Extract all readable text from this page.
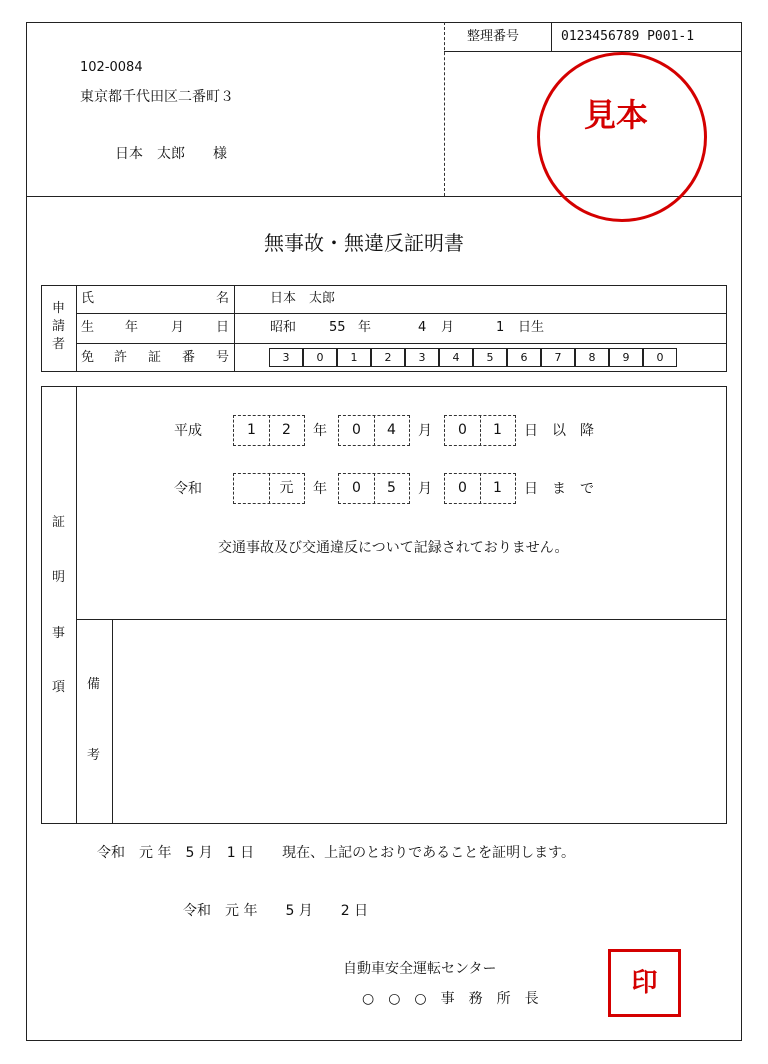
整理番号	0123456789 P001-1
102-0084
東京都千代田区二番町３
日本　太郎　　様
見本
無事故・無違反証明書
申
請
者
氏	名	日本　太郎
生 年	月 日	昭和	55 年	4 月	1 日生
免 許 証 番 号	3	0	1	2	3	4	5	6	7	8	9	0
証
明
事
項
平成	1	2	年	0	4	月	0	1	日　以　降
令和	元	年	0	5	月	0	1	日　ま　で
交通事故及び交通違反について記録されておりません。
備
考
令和　元 年　5 月　1 日　　現在、上記のとおりであることを証明します。
令和　元 年　　5 月　　2 日
自動車安全運転センター
○　○　○　事　務　所　長
印
